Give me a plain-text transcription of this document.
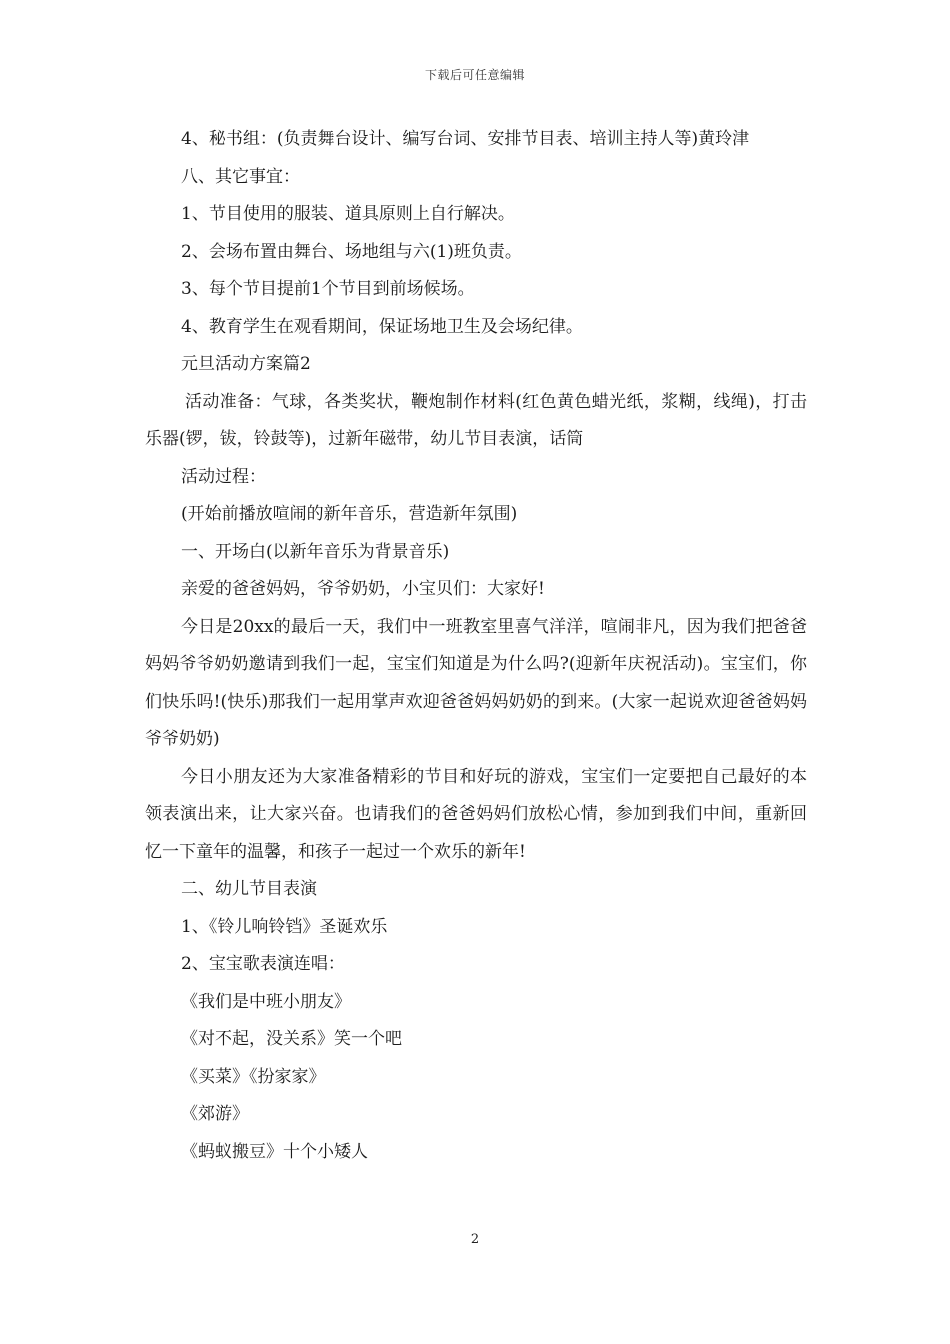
下载后可任意编辑

4、秘书组：(负责舞台设计、编写台词、安排节目表、培训主持人等)黄玲津

八、其它事宜：

1、节目使用的服装、道具原则上自行解决。

2、会场布置由舞台、场地组与六(1)班负责。

3、每个节目提前1个节目到前场候场。

4、教育学生在观看期间，保证场地卫生及会场纪律。

元旦活动方案篇2

活动准备：气球，各类奖状，鞭炮制作材料(红色黄色蜡光纸，浆糊，线绳)，打击乐器(锣，钹，铃鼓等)，过新年磁带，幼儿节目表演，话筒

活动过程：

(开始前播放喧闹的新年音乐，营造新年氛围)

一、开场白(以新年音乐为背景音乐)

亲爱的爸爸妈妈，爷爷奶奶，小宝贝们：大家好!

今日是20xx的最后一天，我们中一班教室里喜气洋洋，喧闹非凡，因为我们把爸爸妈妈爷爷奶奶邀请到我们一起，宝宝们知道是为什么吗?(迎新年庆祝活动)。宝宝们，你们快乐吗!(快乐)那我们一起用掌声欢迎爸爸妈妈奶奶的到来。(大家一起说欢迎爸爸妈妈爷爷奶奶)

今日小朋友还为大家准备精彩的节目和好玩的游戏，宝宝们一定要把自己最好的本领表演出来，让大家兴奋。也请我们的爸爸妈妈们放松心情，参加到我们中间，重新回忆一下童年的温馨，和孩子一起过一个欢乐的新年!

二、幼儿节目表演

1、《铃儿响铃铛》圣诞欢乐

2、宝宝歌表演连唱：

《我们是中班小朋友》

《对不起，没关系》笑一个吧

《买菜》《扮家家》

《郊游》

《蚂蚁搬豆》十个小矮人

2
